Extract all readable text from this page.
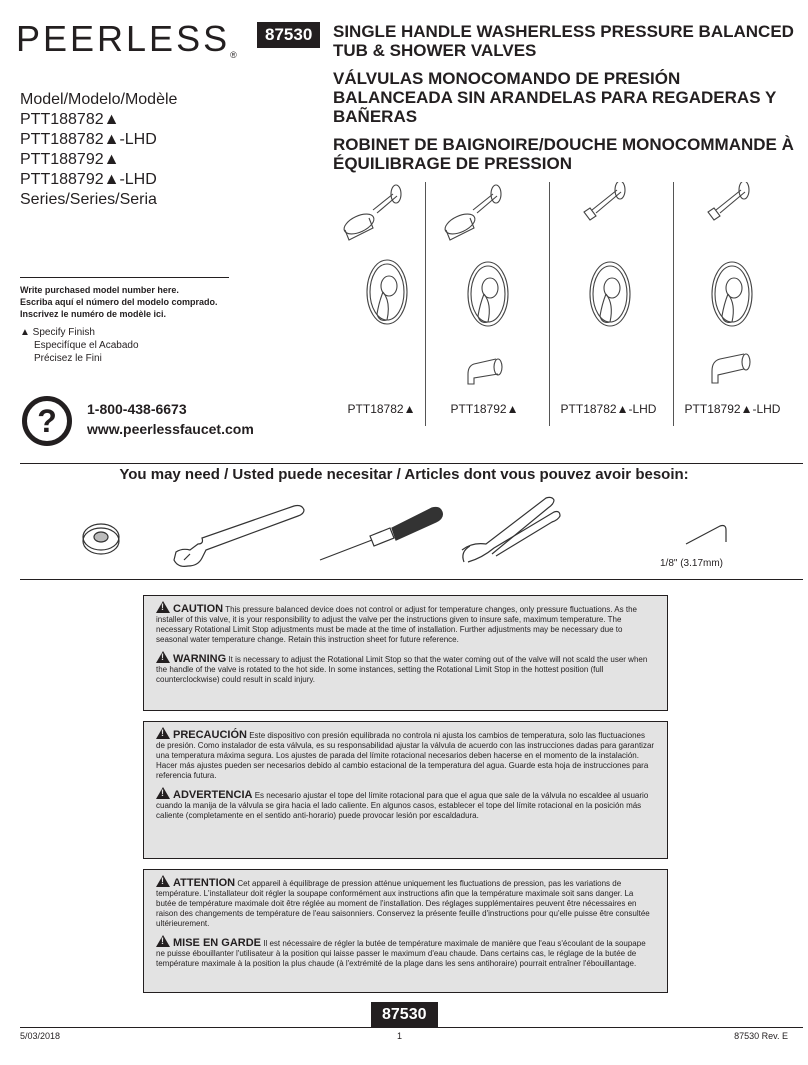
PEERLESS®
87530	SINGLE HANDLE WASHERLESS PRESSURE BALANCED TUB & SHOWER VALVES
VÁLVULAS MONOCOMANDO DE PRESIÓN BALANCEADA SIN ARANDELAS PARA REGADERAS Y BAÑERAS
ROBINET DE BAIGNOIRE/DOUCHE MONOCOMMANDE À ÉQUILIBRAGE DE PRESSION
Model/Modelo/Modèle
PTT188782▲
PTT188782▲-LHD
PTT188792▲
PTT188792▲-LHD
Series/Series/Seria
Write purchased model number here.
Escriba aquí el número del modelo comprado.
Inscrivez le numéro de modèle ici.
▲ Specify Finish
Especifíque el Acabado
Précisez le Fini
?	1-800-438-6673
www.peerlessfaucet.com
PTT18782▲	PTT18792▲	PTT18782▲-LHD	PTT18792▲-LHD
You may need / Usted puede necesitar / Articles dont vous pouvez avoir besoin:
1/8" (3.17mm)

!CAUTION This pressure balanced device does not control or adjust for temperature changes, only pressure fluctuations. As the installer of this valve, it is your responsibility to adjust the valve per the instructions given to insure safe, maximum temperature. The necessary Rotational Limit Stop adjustments must be made at the time of installation. Further adjustments may be necessary due to seasonal water temperature change. Retain this instruction sheet for future reference.

!WARNING It is necessary to adjust the Rotational Limit Stop so that the water coming out of the valve will not scald the user when the handle of the valve is rotated to the hot side. In some instances, setting the Rotational Limit Stop in the hottest position (full counterclockwise) could result in scald injury.

!PRECAUCIÓN Este dispositivo con presión equilibrada no controla ni ajusta los cambios de temperatura, solo las fluctuaciones de presión. Como instalador de esta válvula, es su responsabilidad ajustar la válvula de acuerdo con las instrucciones dadas para garantizar una temperatura máxima segura. Los ajustes de parada del límite rotacional necesarios deben hacerse en el momento de la instalación. Hacer más ajustes pueden ser necesarios debido al cambio estacional de la temperatura del agua. Guarde esta hoja de instrucciones para referencia futura.

!ADVERTENCIA Es necesario ajustar el tope del límite rotacional para que el agua que sale de la válvula no escaldee al usuario cuando la manija de la válvula se gira hacia el lado caliente. En algunos casos, establecer el tope del límite rotacional en la posición más caliente (completamente en el sentido anti-horario) puede provocar lesión por escaldadura.

!ATTENTION Cet appareil à équilibrage de pression atténue uniquement les fluctuations de pression, pas les variations de température. L'installateur doit régler la soupape conformément aux instructions afin que la température maximale soit sans danger. La butée de température maximale doit être réglée au moment de l'installation. Des réglages supplémentaires peuvent être nécessaires en raison des changements de température de l'eau saisonniers. Conservez la présente feuille d'instructions pour qu'elle puisse être consultée ultérieurement.

!MISE EN GARDE Il est nécessaire de régler la butée de température maximale de manière que l'eau s'écoulant de la soupape ne puisse ébouillanter l'utilisateur à la position qui laisse passer le maximum d'eau chaude. Dans certains cas, le réglage de la butée de température maximale à la position la plus chaude (à l'extrémité de la plage dans les sens antihoraire) pourrait entraîner l'ébouillantage.

87530
5/03/2018	1	87530 Rev. E
